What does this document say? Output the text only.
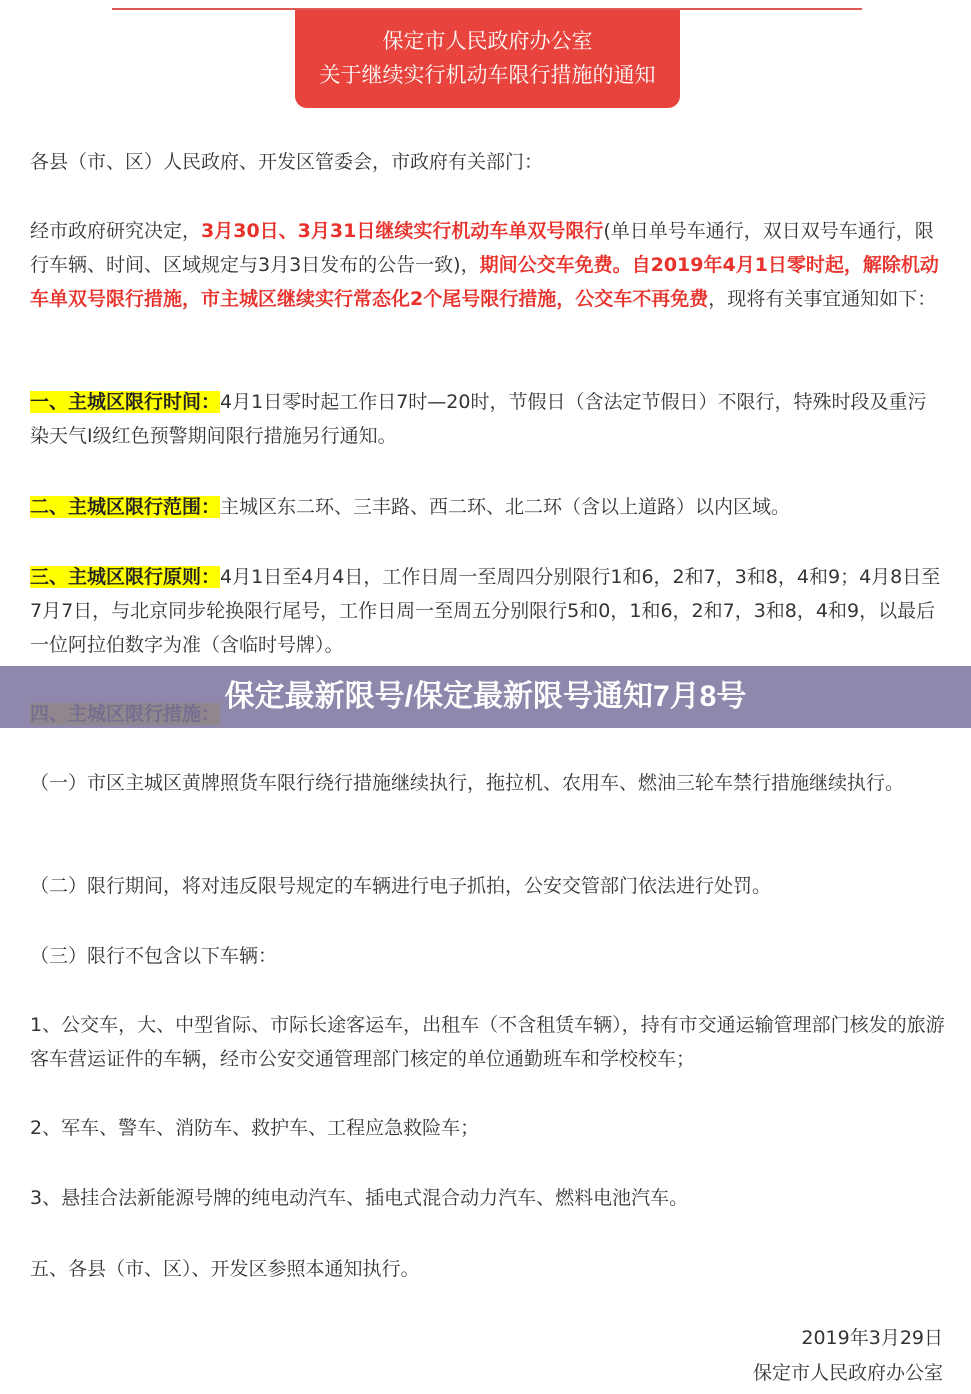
保定市人民政府办公室
关于继续实行机动车限行措施的通知

各县（市、区）人民政府、开发区管委会，市政府有关部门：

经市政府研究决定，3月30日、3月31日继续实行机动车单双号限行(单日单号车通行，双日双号车通行，限行车辆、时间、区域规定与3月3日发布的公告一致)，期间公交车免费。自2019年4月1日零时起，解除机动车单双号限行措施，市主城区继续实行常态化2个尾号限行措施，公交车不再免费，现将有关事宜通知如下：

一、主城区限行时间：4月1日零时起工作日7时—20时，节假日（含法定节假日）不限行，特殊时段及重污染天气Ⅰ级红色预警期间限行措施另行通知。

二、主城区限行范围：主城区东二环、三丰路、西二环、北二环（含以上道路）以内区域。

三、主城区限行原则：4月1日至4月4日，工作日周一至周四分别限行1和6，2和7，3和8，4和9；4月8日至7月7日，与北京同步轮换限行尾号，工作日周一至周五分别限行5和0，1和6，2和7，3和8，4和9，以最后一位阿拉伯数字为准（含临时号牌）。

（一）市区主城区黄牌照货车限行绕行措施继续执行，拖拉机、农用车、燃油三轮车禁行措施继续执行。

（二）限行期间，将对违反限号规定的车辆进行电子抓拍，公安交管部门依法进行处罚。

（三）限行不包含以下车辆：

1、公交车，大、中型省际、市际长途客运车，出租车（不含租赁车辆），持有市交通运输管理部门核发的旅游客车营运证件的车辆，经市公安交通管理部门核定的单位通勤班车和学校校车；

2、军车、警车、消防车、救护车、工程应急救险车；

3、悬挂合法新能源号牌的纯电动汽车、插电式混合动力汽车、燃料电池汽车。

五、各县（市、区）、开发区参照本通知执行。

2019年3月29日

保定市人民政府办公室

保定最新限号/保定最新限号通知7月8号
